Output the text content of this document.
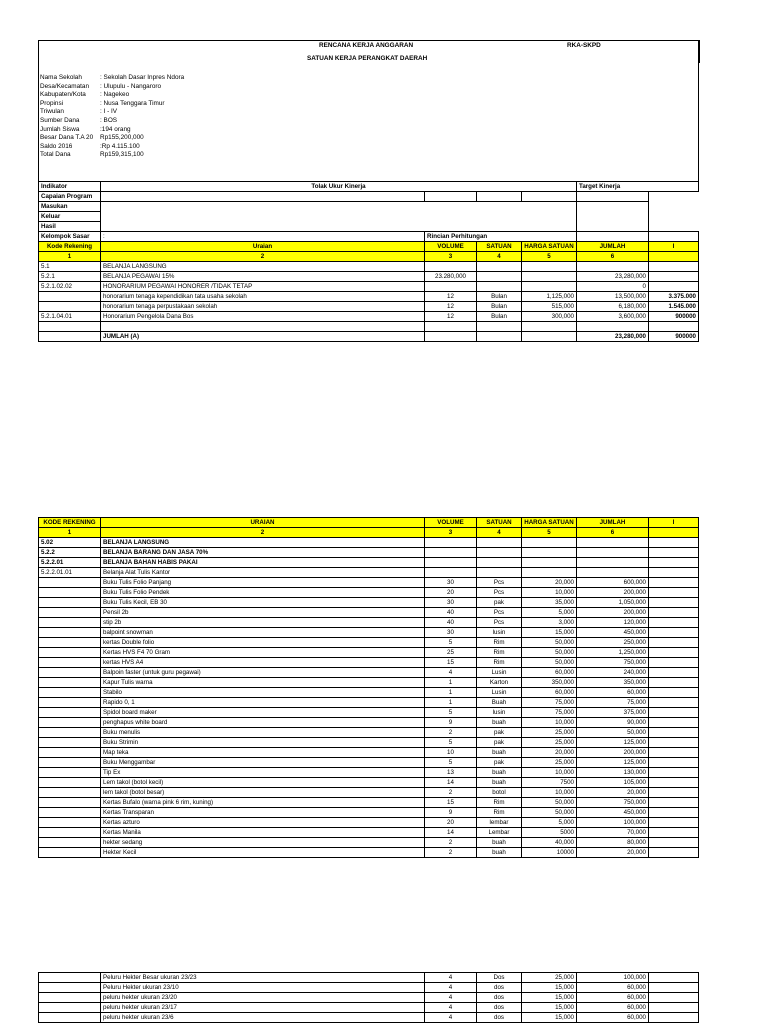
RENCANA KERJA ANGGARAN
SATUAN KERJA PERANGKAT DAERAH
RKA-SKPD
Nama Sekolah	: Sekolah Dasar Inpres Ndora
Desa/Kecamatan	: Ulupulu - Nangaroro
Kabupaten/Kota	: Nagekeo
Propinsi	: Nusa Tenggara Timur
Triwulan	: I - IV
Sumber Dana	: BOS
Jumlah Siswa	:194 orang
Besar Dana T.A 20	Rp155,200,000
Saldo 2016	:Rp 4.115.100
Total Dana	Rp159,315,100
Indikator	Tolak Ukur Kinerja				Target Kinerja	
Capaian Program						
Masukan						
Keluar						
Hasil						
Kelompok Sasar	:	Rincian Perhitungan				
Kode Rekening	Uraian	VOLUME	SATUAN	HARGA SATUAN	JUMLAH	I
1	2	3	4	5	6	
5.1	BELANJA LANGSUNG					
5.2.1	BELANJA PEGAWAI 15%	23.280,000			23,280,000	
5.2.1.02.02	HONORARIUM PEGAWAI HONORER /TIDAK TETAP				0	
	honorarium tenaga kependidikan tata usaha sekolah	12	Bulan	1,125,000	13,500,000	3.375.000
	honorarium tenaga perpustakaan sekolah	12	Bulan	515,000	6,180,000	1.545.000
5.2.1.04.01	Honorarium Pengelola Dana Bos	12	Bulan	300,000	3,600,000	900000

	JUMLAH (A)				23,280,000	900000
KODE REKENING	URAIAN	VOLUME	SATUAN	HARGA SATUAN	JUMLAH	I
1	2	3	4	5	6	
5.02	BELANJA LANGSUNG					
5.2.2	BELANJA BARANG DAN JASA 70%					
5.2.2.01	BELANJA BAHAN HABIS PAKAI					
5.2.2.01.01	Belanja Alat Tulis Kantor					
	Buku Tulis Folio Panjang	30	Pcs	20,000	600,000	
	Buku Tulis Folio Pendek	20	Pcs	10,000	200,000	
	Buku Tulis Kecil, EB 30	30	pak	35,000	1,050,000	
	Pensil 2b	40	Pcs	5,000	200,000	
	stip 2b	40	Pcs	3,000	120,000	
	balpoint snowman	30	lusin	15,000	450,000	
	kertas Double folio	5	Rim	50,000	250,000	
	Kertas HVS F4 70 Gram	25	Rim	50,000	1,250,000	
	kertas HVS A4	15	Rim	50,000	750,000	
	Balpoin faster (untuk guru pegawai)	4	Lusin	60,000	240,000	
	Kapur Tulis warna	1	Karton	350,000	350,000	
	Stabilo	1	Lusin	60,000	60,000	
	Rapido 0, 1	1	Buah	75,000	75,000	
	Spidol board maker	5	lusin	75,000	375,000	
	penghapus white board	9	buah	10,000	90,000	
	Buku menulis	2	pak	25,000	50,000	
	Buku Strimin	5	pak	25,000	125,000	
	Map teka	10	buah	20,000	200,000	
	Buku Menggambar	5	pak	25,000	125,000	
	Tip Ex	13	buah	10,000	130,000	
	Lem takol (botol kecil)	14	buah	7500	105,000	
	lem takol (botol besar)	2	botol	10,000	20,000	
	Kertas Bufalo (warna pink 6 rim, kuning)	15	Rim	50,000	750,000	
	Kertas Transparan	9	Rim	50,000	450,000	
	Kertas azturo	20	lembar	5,000	100,000	
	Kertas Manila	14	Lembar	5000	70,000	
	hekter sedang	2	buah	40,000	80,000	
	Hekter Kecil	2	buah	10000	20,000	
	Peluru Hekter Besar ukuran 23/23	4	Dos	25,000	100,000	
	Peluru Hekter ukuran 23/10	4	dos	15,000	60,000	
	peluru hekter ukuran 23/20	4	dos	15,000	60,000	
	peluru hekter ukuran 23/17	4	dos	15,000	60,000	
	peluru hekter ukuran 23/6	4	dos	15,000	60,000	
